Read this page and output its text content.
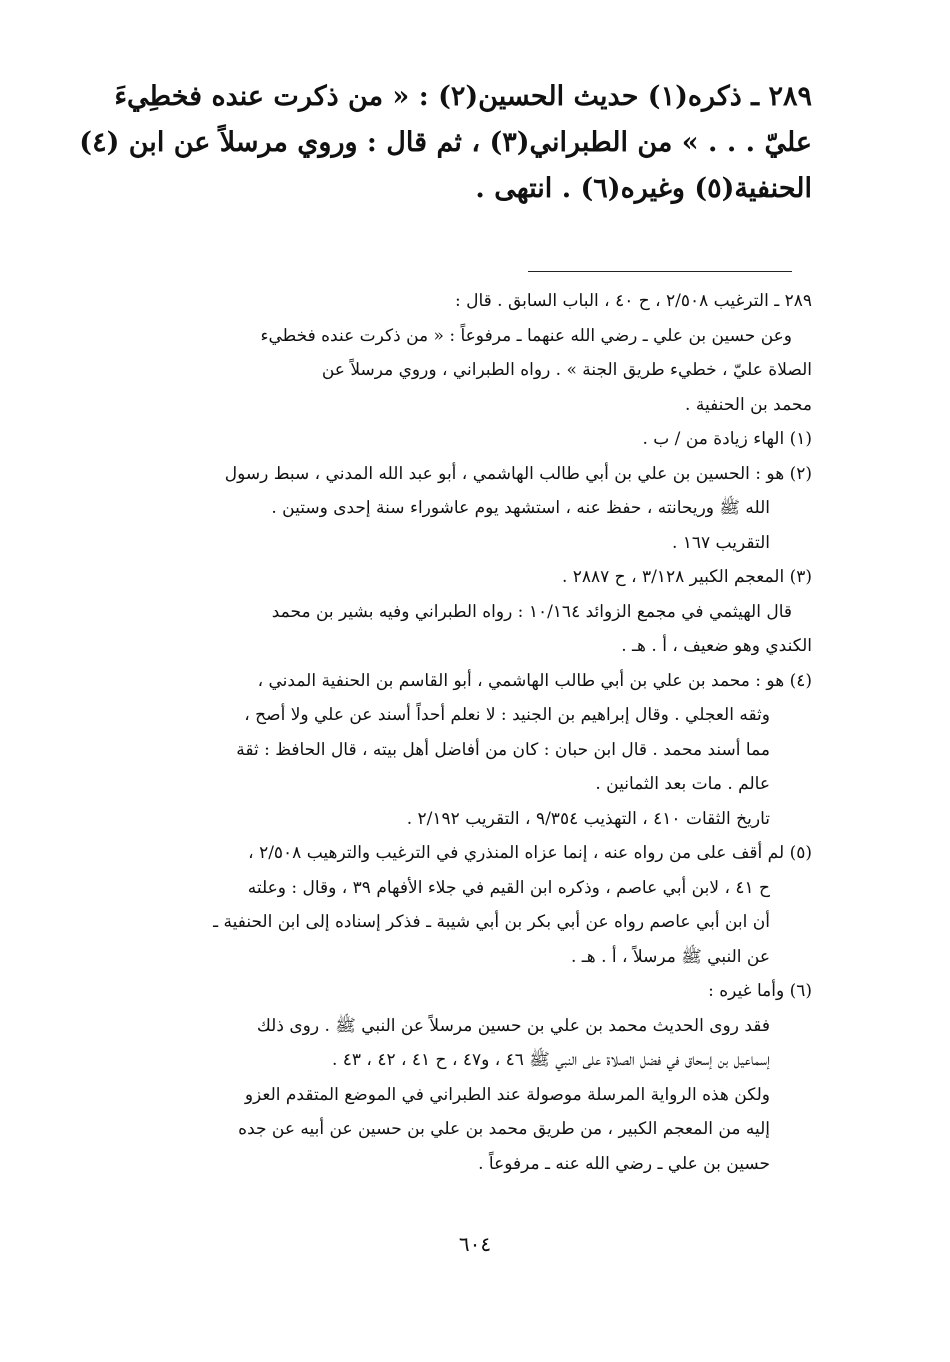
٢٨٩ ـ ذكره(١) حديث الحسين(٢) : « من ذكرت عنده فخطِيءَ
عليّ . . . » من الطبراني(٣) ، ثم قال : وروي مرسلاً عن ابن (٤)
الحنفية(٥) وغيره(٦) . انتهى .
٢٨٩ ـ الترغيب ٢/٥٠٨ ، ح ٤٠ ، الباب السابق . قال :
وعن حسين بن علي ـ رضي الله عنهما ـ مرفوعاً : « من ذكرت عنده فخطيء
الصلاة عليّ ، خطيء طريق الجنة » . رواه الطبراني ، وروي مرسلاً عن
محمد بن الحنفية .
(١) الهاء زيادة من / ب .
(٢) هو : الحسين بن علي بن أبي طالب الهاشمي ، أبو عبد الله المدني ، سبط رسول
الله ﷺ وريحانته ، حفظ عنه ، استشهد يوم عاشوراء سنة إحدى وستين .
التقريب ١٦٧ .
(٣) المعجم الكبير ٣/١٢٨ ، ح ٢٨٨٧ .
قال الهيثمي في مجمع الزوائد ١٠/١٦٤ : رواه الطبراني وفيه بشير بن محمد
الكندي وهو ضعيف ، أ . هـ .
(٤) هو : محمد بن علي بن أبي طالب الهاشمي ، أبو القاسم بن الحنفية المدني ،
وثقه العجلي . وقال إبراهيم بن الجنيد : لا نعلم أحداً أسند عن علي ولا أصح ،
مما أسند محمد . قال ابن حبان : كان من أفاضل أهل بيته ، قال الحافظ : ثقة
عالم . مات بعد الثمانين .
تاريخ الثقات ٤١٠ ، التهذيب ٩/٣٥٤ ، التقريب ٢/١٩٢ .
(٥) لم أقف على من رواه عنه ، إنما عزاه المنذري في الترغيب والترهيب ٢/٥٠٨ ،
ح ٤١ ، لابن أبي عاصم ، وذكره ابن القيم في جلاء الأفهام ٣٩ ، وقال : وعلته
أن ابن أبي عاصم رواه عن أبي بكر بن أبي شيبة ـ فذكر إسناده إلى ابن الحنفية ـ
عن النبي ﷺ مرسلاً ، أ . هـ .
(٦) وأما غيره :
فقد روى الحديث محمد بن علي بن حسين مرسلاً عن النبي ﷺ . روى ذلك
إسماعيل بن إسحاق في فضل الصلاة على النبي ﷺ ٤٦ ، و٤٧ ، ح ٤١ ، ٤٢ ، ٤٣ .
ولكن هذه الرواية المرسلة موصولة عند الطبراني في الموضع المتقدم العزو
إليه من المعجم الكبير ، من طريق محمد بن علي بن حسين عن أبيه عن جده
حسين بن علي ـ رضي الله عنه ـ مرفوعاً .
٦٠٤
